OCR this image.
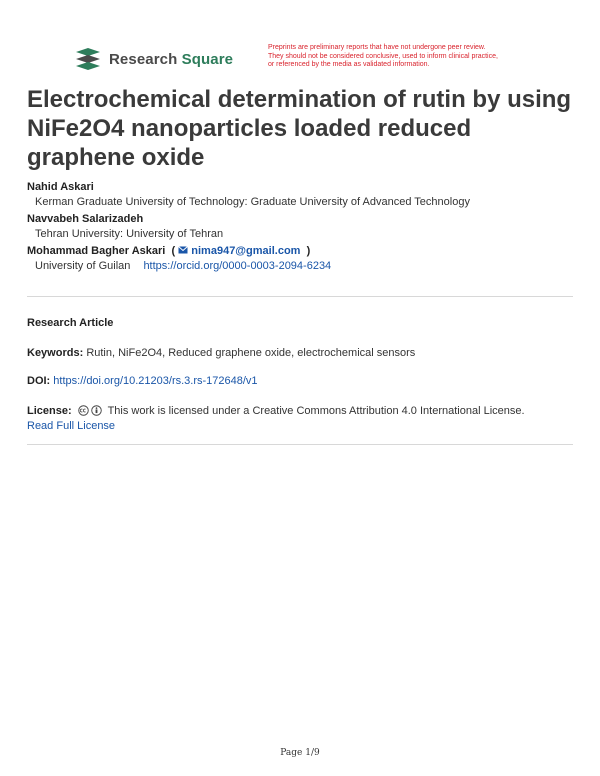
Research Square
Preprints are preliminary reports that have not undergone peer review.
They should not be considered conclusive, used to inform clinical practice,
or referenced by the media as validated information.
Electrochemical determination of rutin by using NiFe2O4 nanoparticles loaded reduced graphene oxide
Nahid Askari
Kerman Graduate University of Technology: Graduate University of Advanced Technology
Navvabeh Salarizadeh
Tehran University: University of Tehran
Mohammad Bagher Askari  ( nima947@gmail.com  )
University of Guilan https://orcid.org/0000-0003-2094-6234
Research Article
Keywords: Rutin, NiFe2O4, Reduced graphene oxide, electrochemical sensors
DOI: https://doi.org/10.21203/rs.3.rs-172648/v1
License:	This work is licensed under a Creative Commons Attribution 4.0 International License.
Read Full License
Page 1/9
